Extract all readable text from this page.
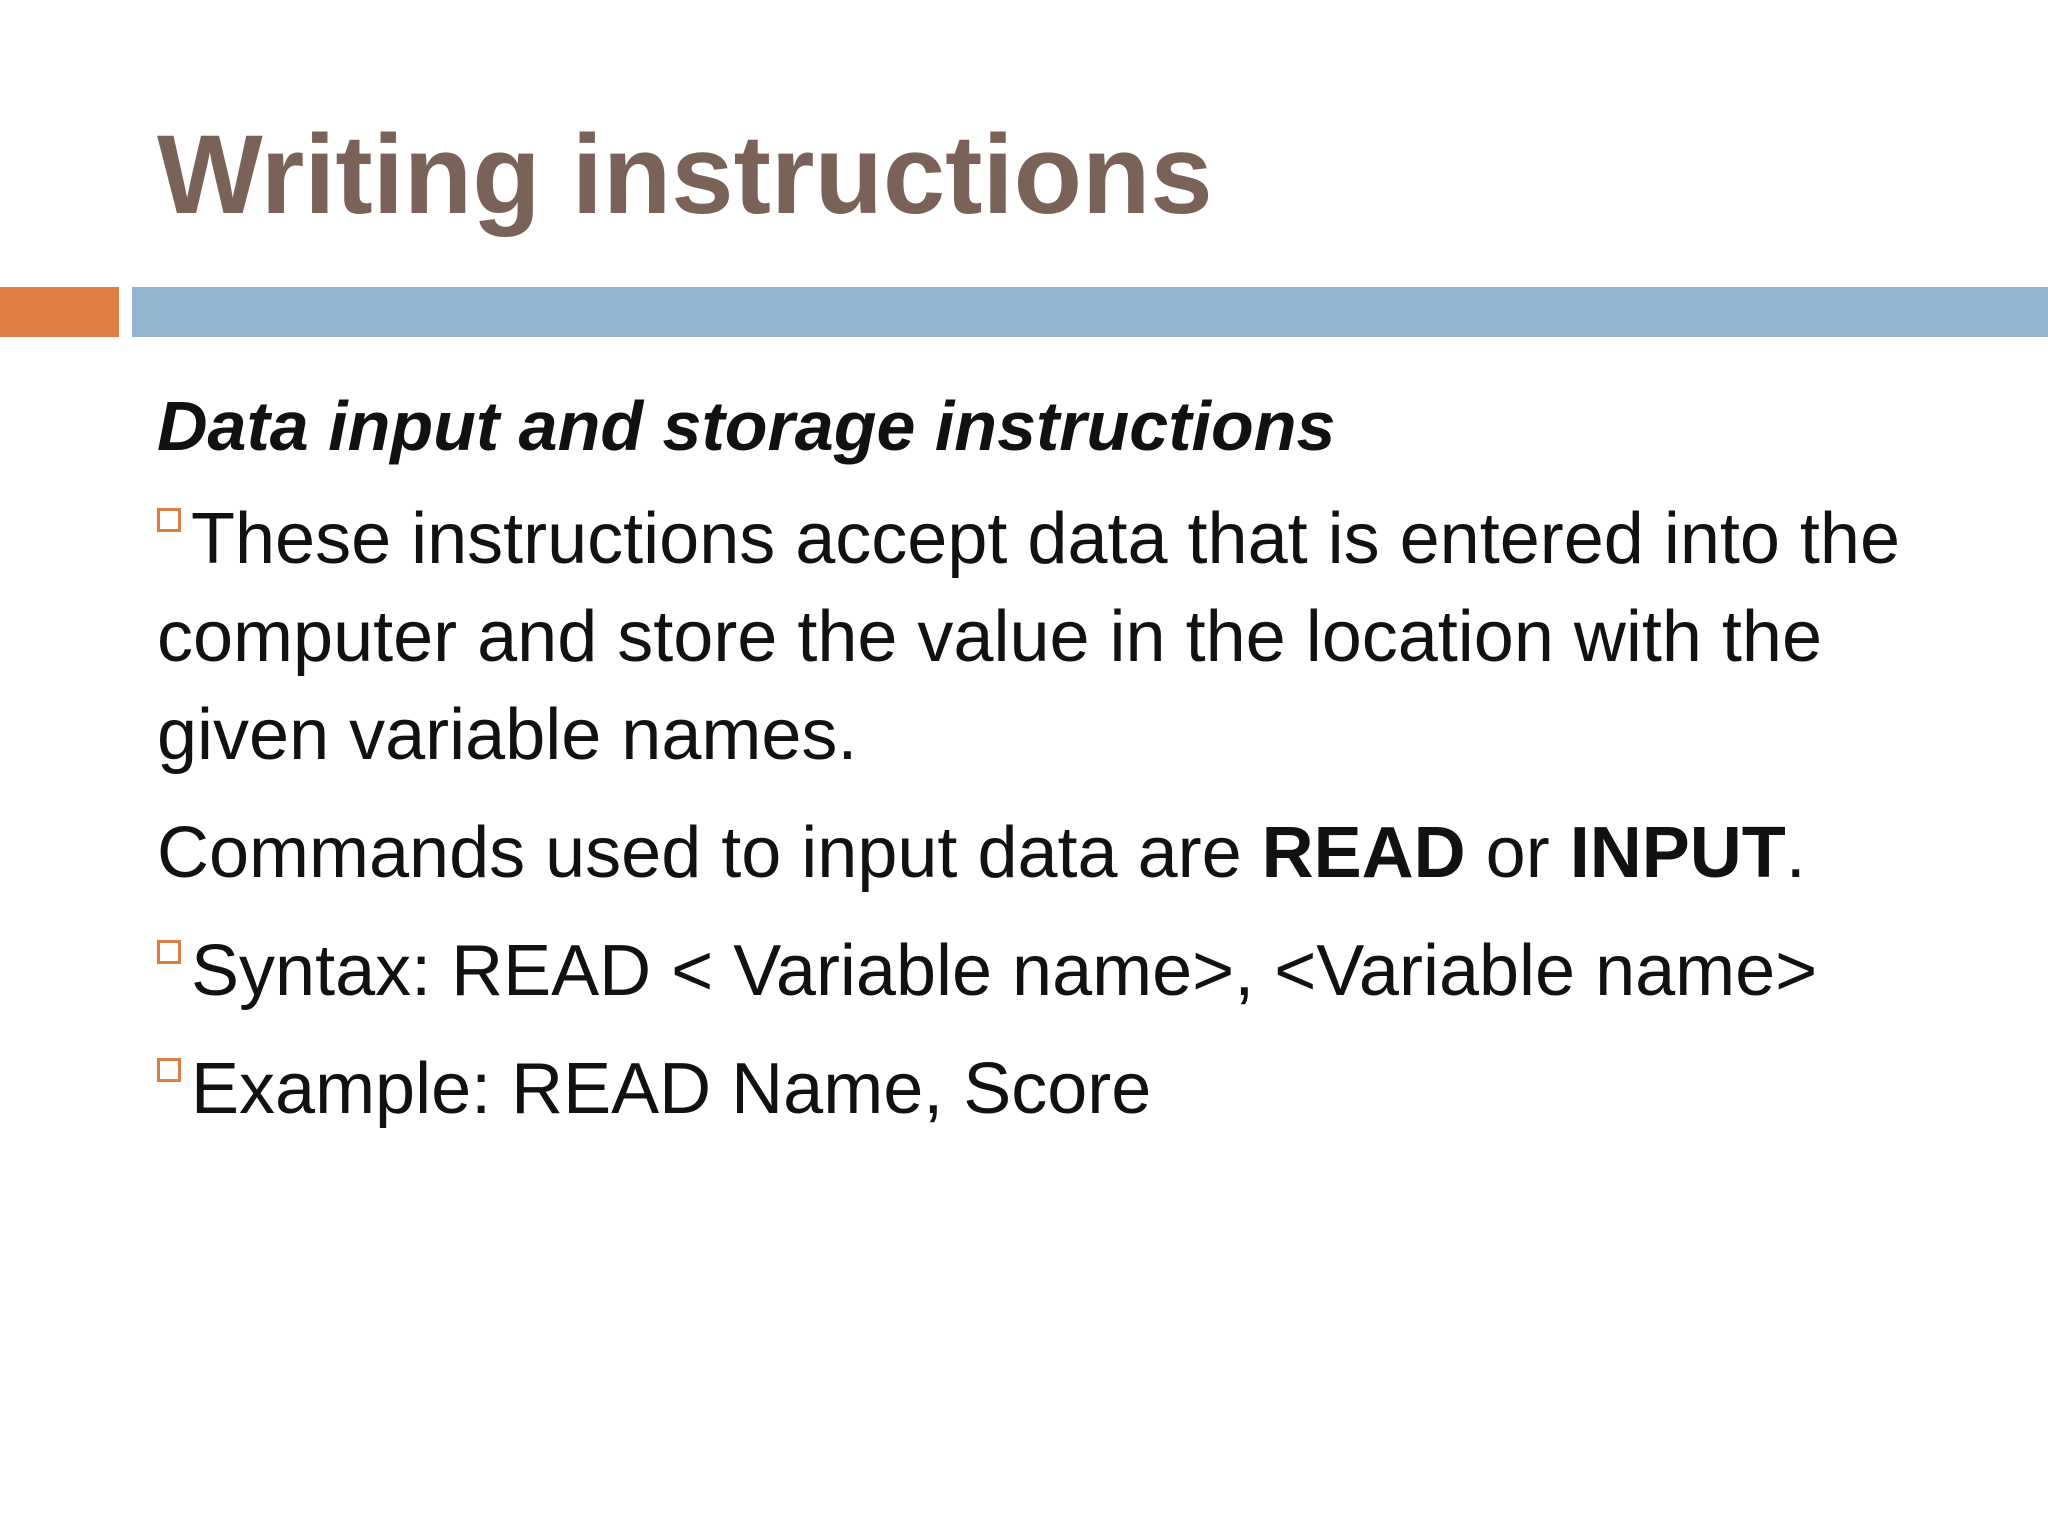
Writing instructions

Data input and storage instructions

These instructions accept data that is entered into the computer and store the value in the location with the given variable names.

Commands used to input data are READ or INPUT.

Syntax: READ < Variable name>, <Variable name>

Example: READ Name, Score
